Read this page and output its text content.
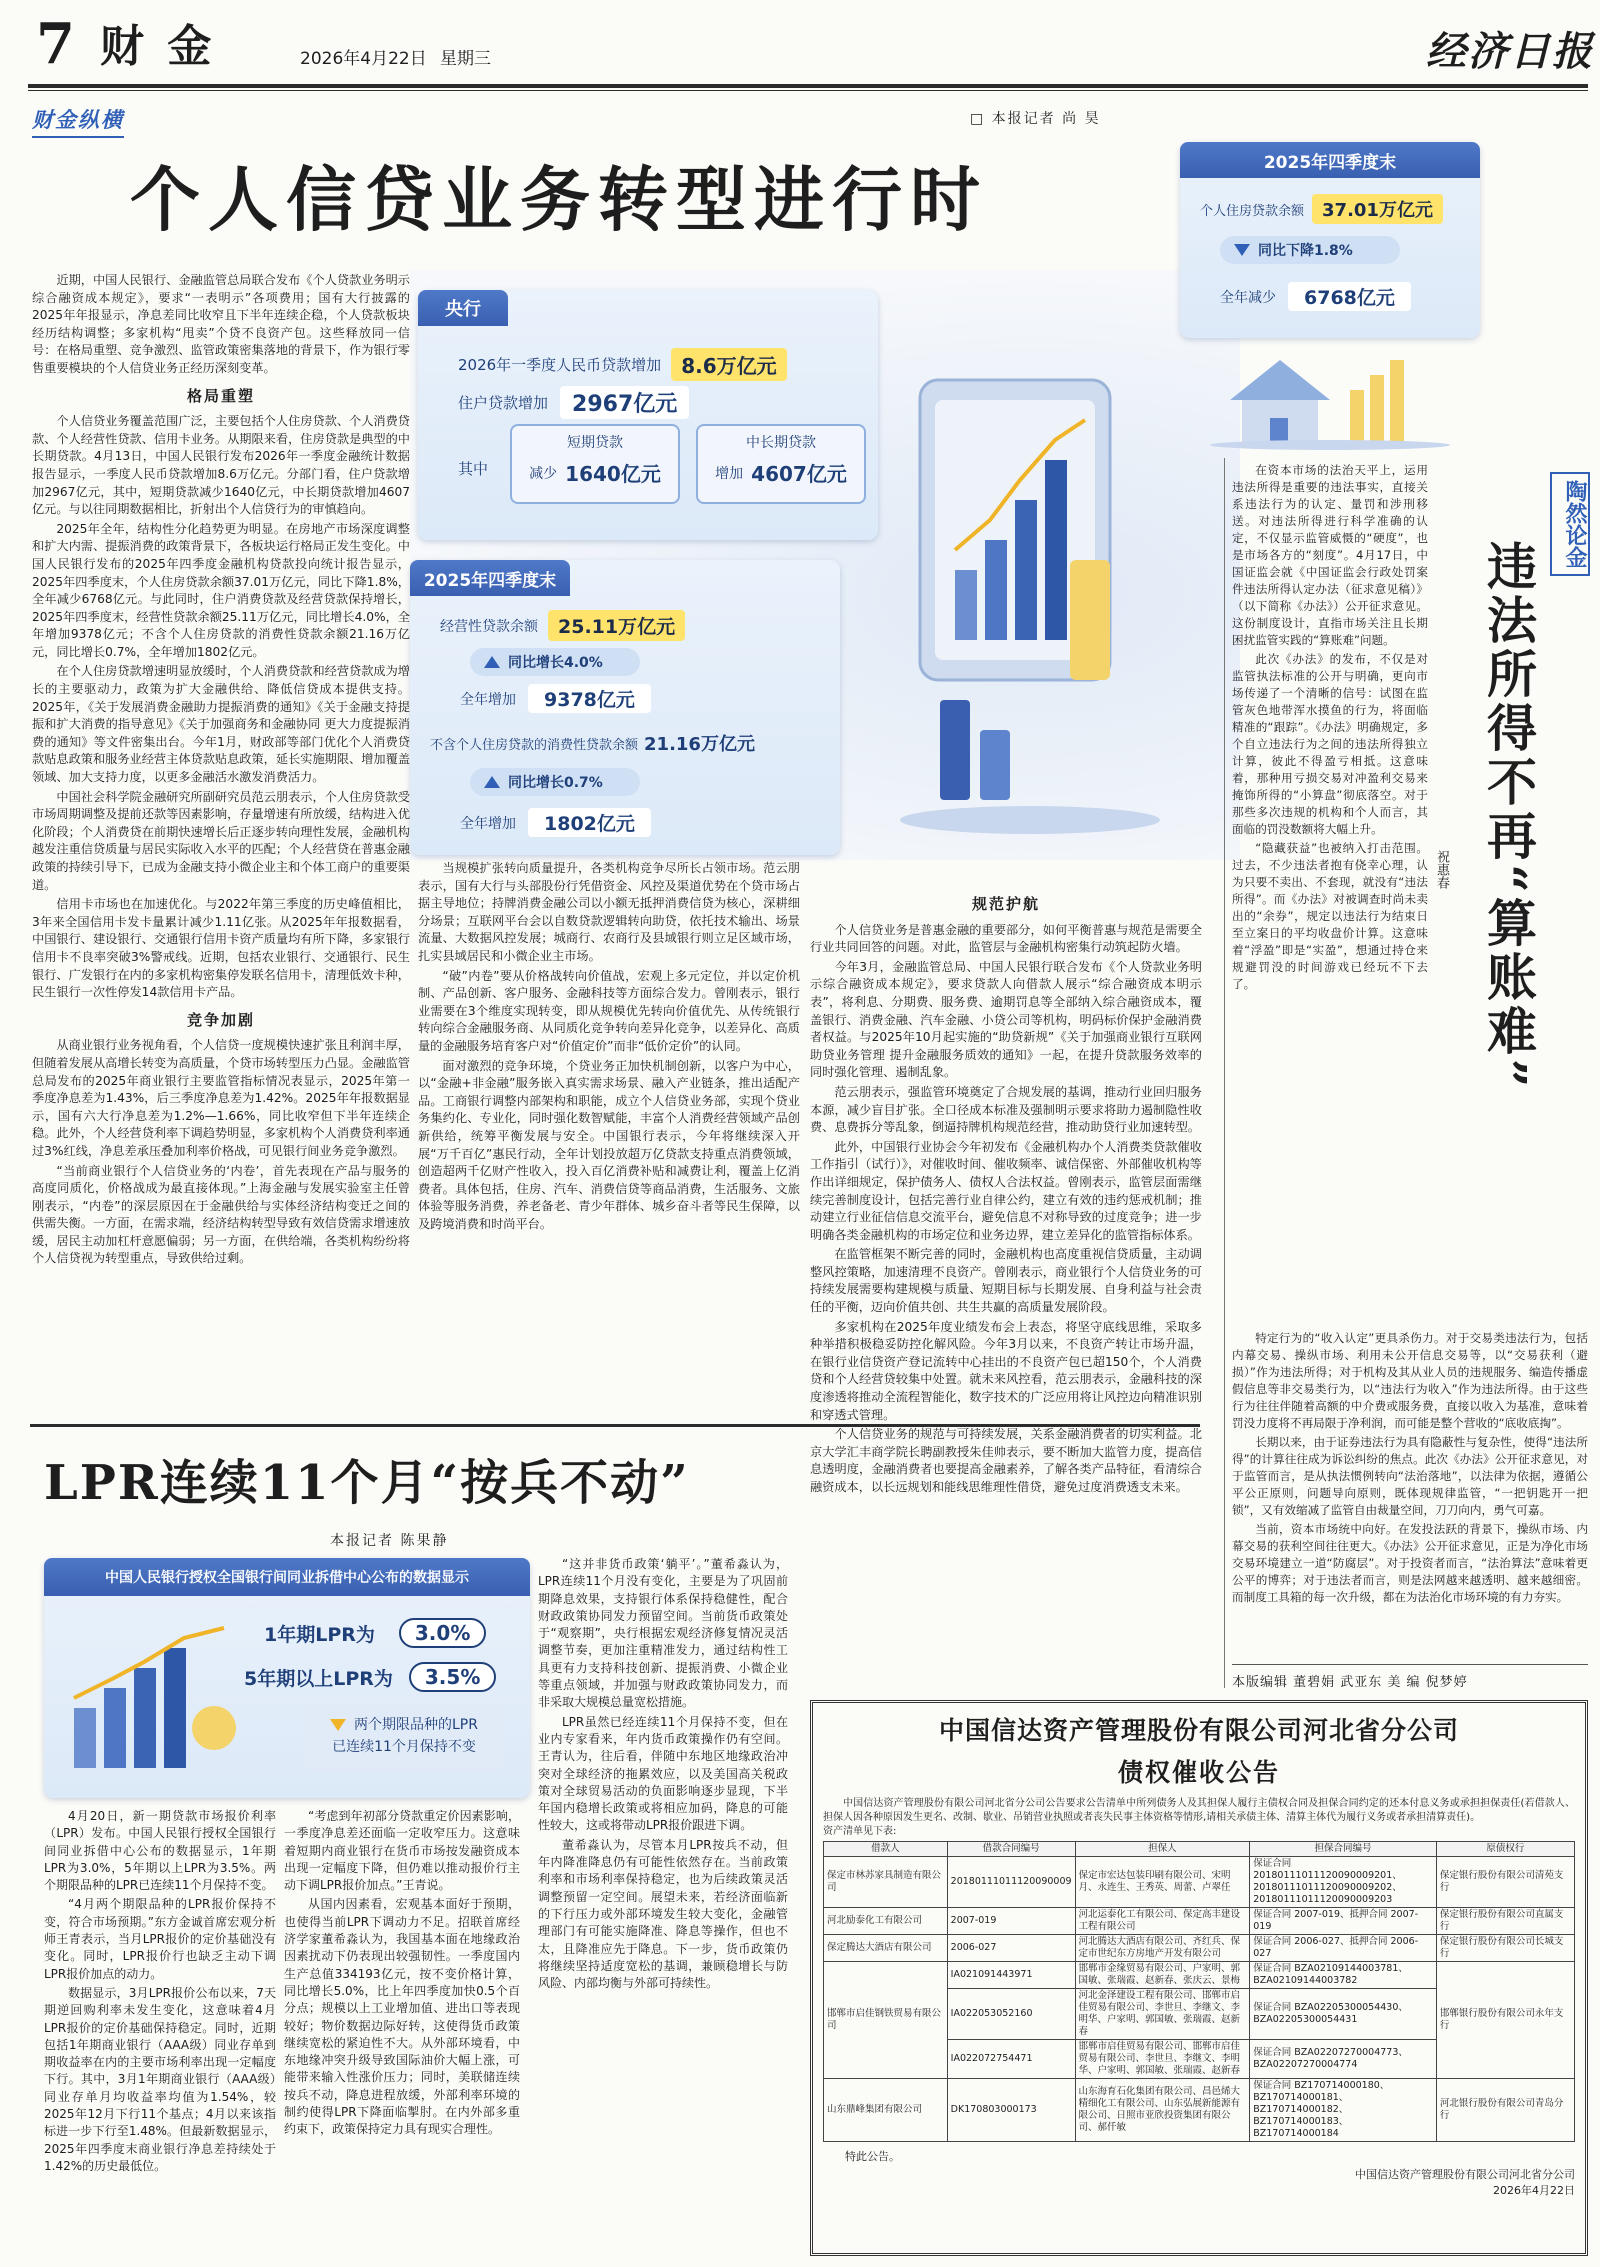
7 财 金	2026年4月22日 星期三	经济日报
财金纵横	□ 本报记者 尚 昊
个人信贷业务转型进行时

近期，中国人民银行、金融监管总局联合发布《个人贷款业务明示综合融资成本规定》，要求“一表明示”各项费用；国有大行披露的2025年年报显示，净息差同比收窄且下半年连续企稳，个人贷款板块经历结构调整；多家机构“甩卖”个贷不良资产包。这些释放同一信号：在格局重塑、竞争激烈、监管政策密集落地的背景下，作为银行零售重要模块的个人信贷业务正经历深刻变革。

格局重塑

个人信贷业务覆盖范围广泛，主要包括个人住房贷款、个人消费贷款、个人经营性贷款、信用卡业务。从期限来看，住房贷款是典型的中长期贷款。4月13日，中国人民银行发布2026年一季度金融统计数据报告显示，一季度人民币贷款增加8.6万亿元。分部门看，住户贷款增加2967亿元，其中，短期贷款减少1640亿元，中长期贷款增加4607亿元。与以往同期数据相比，折射出个人信贷行为的审慎趋向。

2025年全年，结构性分化趋势更为明显。在房地产市场深度调整和扩大内需、提振消费的政策背景下，各板块运行格局正发生变化。中国人民银行发布的2025年四季度金融机构贷款投向统计报告显示，2025年四季度末，个人住房贷款余额37.01万亿元，同比下降1.8%，全年减少6768亿元。与此同时，住户消费贷款及经营贷款保持增长，2025年四季度末，经营性贷款余额25.11万亿元，同比增长4.0%，全年增加9378亿元；不含个人住房贷款的消费性贷款余额21.16万亿元，同比增长0.7%，全年增加1802亿元。

在个人住房贷款增速明显放缓时，个人消费贷款和经营贷款成为增长的主要驱动力，政策为扩大金融供给、降低信贷成本提供支持。2025年，《关于发展消费金融助力提振消费的通知》《关于金融支持提振和扩大消费的指导意见》《关于加强商务和金融协同 更大力度提振消费的通知》等文件密集出台。今年1月，财政部等部门优化个人消费贷款贴息政策和服务业经营主体贷款贴息政策，延长实施期限、增加覆盖领域、加大支持力度，以更多金融活水激发消费活力。

中国社会科学院金融研究所副研究员范云朋表示，个人住房贷款受市场周期调整及提前还款等因素影响，存量增速有所放缓，结构进入优化阶段；个人消费贷在前期快速增长后正逐步转向理性发展，金融机构越发注重信贷质量与居民实际收入水平的匹配；个人经营贷在普惠金融政策的持续引导下，已成为金融支持小微企业主和个体工商户的重要渠道。

信用卡市场也在加速优化。与2022年第三季度的历史峰值相比，3年来全国信用卡发卡量累计减少1.11亿张。从2025年年报数据看，中国银行、建设银行、交通银行信用卡资产质量均有所下降，多家银行信用卡不良率突破3%警戒线。近期，包括农业银行、交通银行、民生银行、广发银行在内的多家机构密集停发联名信用卡，清理低效卡种，民生银行一次性停发14款信用卡产品。

竞争加剧

从商业银行业务视角看，个人信贷一度规模快速扩张且利润丰厚，但随着发展从高增长转变为高质量，个贷市场转型压力凸显。金融监管总局发布的2025年商业银行主要监管指标情况表显示，2025年第一季度净息差为1.43%，后三季度净息差为1.42%。2025年年报数据显示，国有六大行净息差为1.2%—1.66%，同比收窄但下半年连续企稳。此外，个人经营贷利率下调趋势明显，多家机构个人消费贷利率通过3%红线，净息差承压叠加利率价格战，可见银行间业务竞争激烈。

“当前商业银行个人信贷业务的‘内卷’，首先表现在产品与服务的高度同质化，价格战成为最直接体现。”上海金融与发展实验室主任曾刚表示，“内卷”的深层原因在于金融供给与实体经济结构变迁之间的供需失衡。一方面，在需求端，经济结构转型导致有效信贷需求增速放缓，居民主动加杠杆意愿偏弱；另一方面，在供给端，各类机构纷纷将个人信贷视为转型重点，导致供给过剩。

当规模扩张转向质量提升，各类机构竞争尽所长占领市场。范云朋表示，国有大行与头部股份行凭借资金、风控及渠道优势在个贷市场占据主导地位；持牌消费金融公司以小额无抵押消费信贷为核心，深耕细分场景；互联网平台会以自数贷款逻辑转向助贷，依托技术输出、场景流量、大数据风控发展；城商行、农商行及县域银行则立足区域市场，扎实县域居民和小微企业主市场。

“破”内卷”要从价格战转向价值战，宏观上多元定位，并以定价机制、产品创新、客户服务、金融科技等方面综合发力。曾刚表示，银行业需要在3个维度实现转变，即从规模优先转向价值优先、从传统银行转向综合金融服务商、从同质化竞争转向差异化竞争，以差异化、高质量的金融服务培育客户对“价值定价”而非“低价定价”的认同。

面对激烈的竞争环境，个贷业务正加快机制创新，以客户为中心，以“金融+非金融”服务嵌入真实需求场景、融入产业链条，推出适配产品。工商银行调整内部架构和职能，成立个人信贷业务部，实现个贷业务集约化、专业化，同时强化数智赋能，丰富个人消费经营领域产品创新供给，统筹平衡发展与安全。中国银行表示，今年将继续深入开展“万千百亿”惠民行动，全年计划投放超万亿贷款支持重点消费领域，创造超两千亿财产性收入，投入百亿消费补贴和减费让利，覆盖上亿消费者。具体包括，住房、汽车、消费信贷等商品消费，生活服务、文旅体验等服务消费，养老备老、青少年群体、城乡奋斗者等民生保障，以及跨境消费和时尚平台。

规范护航

个人信贷业务是普惠金融的重要部分，如何平衡普惠与规范是需要全行业共同回答的问题。对此，监管层与金融机构密集行动筑起防火墙。

今年3月，金融监管总局、中国人民银行联合发布《个人贷款业务明示综合融资成本规定》，要求贷款人向借款人展示“综合融资成本明示表”，将利息、分期费、服务费、逾期罚息等全部纳入综合融资成本，覆盖银行、消费金融、汽车金融、小贷公司等机构，明码标价保护金融消费者权益。与2025年10月起实施的“助贷新规”《关于加强商业银行互联网助贷业务管理 提升金融服务质效的通知》一起，在提升贷款服务效率的同时强化管理、遏制乱象。

范云朋表示，强监管环境奠定了合规发展的基调，推动行业回归服务本源，减少盲目扩张。全口径成本标准及强制明示要求将助力遏制隐性收费、息费拆分等乱象，倒逼持牌机构规范经营，推动助贷行业加速转型。

此外，中国银行业协会今年初发布《金融机构办个人消费类贷款催收工作指引（试行）》，对催收时间、催收频率、诚信保密、外部催收机构等作出详细规定，保护债务人、债权人合法权益。曾刚表示，监管层面需继续完善制度设计，包括完善行业自律公约，建立有效的违约惩戒机制；推动建立行业征信信息交流平台，避免信息不对称导致的过度竞争；进一步明确各类金融机构的市场定位和业务边界，建立差异化的监管指标体系。

在监管框架不断完善的同时，金融机构也高度重视信贷质量，主动调整风控策略，加速清理不良资产。曾刚表示，商业银行个人信贷业务的可持续发展需要构建规模与质量、短期目标与长期发展、自身利益与社会责任的平衡，迈向价值共创、共生共赢的高质量发展阶段。

多家机构在2025年度业绩发布会上表态，将坚守底线思维，采取多种举措积极稳妥防控化解风险。今年3月以来，不良资产转让市场升温，在银行业信贷资产登记流转中心挂出的不良资产包已超150个，个人消费贷和个人经营贷较集中处置。就未来风控看，范云朋表示，金融科技的深度渗透将推动全流程智能化，数字技术的广泛应用将让风控边向精准识别和穿透式管理。

个人信贷业务的规范与可持续发展，关系金融消费者的切实利益。北京大学汇丰商学院长聘副教授朱佳帅表示，要不断加大监管力度，提高信息透明度，金融消费者也要提高金融素养，了解各类产品特征，看清综合融资成本，以长远规划和能线思维理性借贷，避免过度消费透支未来。

央行
2026年一季度人民币贷款增加	8.6万亿元
住户贷款增加	2967亿元
其中
短期贷款
减少 1640亿元
中长期贷款
增加 4607亿元
2025年四季度末
经营性贷款余额	25.11万亿元
同比增长4.0%
全年增加	9378亿元
不含个人住房贷款的消费性贷款余额 21.16万亿元
同比增长0.7%
全年增加	1802亿元
2025年四季度末
个人住房贷款余额	37.01万亿元
同比下降1.8%
全年减少	6768亿元
陶然论金
违法所得不再“算账难”
祝惠春

在资本市场的法治天平上，运用违法所得是重要的违法事实，直接关系违法行为的认定、量罚和涉刑移送。对违法所得进行科学准确的认定，不仅显示监管威慑的“硬度”，也是市场各方的“刻度”。4月17日，中国证监会就《中国证监会行政处罚案件违法所得认定办法（征求意见稿）》（以下简称《办法》）公开征求意见。这份制度设计，直指市场关注且长期困扰监管实践的“算账难”问题。

此次《办法》的发布，不仅是对监管执法标准的公开与明确，更向市场传递了一个清晰的信号：试图在监管灰色地带浑水摸鱼的行为，将面临精准的“跟踪”。《办法》明确规定，多个自立违法行为之间的违法所得独立计算，彼此不得盈亏相抵。这意味着，那种用亏损交易对冲盈利交易来掩饰所得的“小算盘”彻底落空。对于那些多次违规的机构和个人而言，其面临的罚没数额将大幅上升。

“隐藏获益”也被纳入打击范围。过去，不少违法者抱有侥幸心理，认为只要不卖出、不套现，就没有“违法所得”。而《办法》对被调查时尚未卖出的“余券”，规定以违法行为结束日至立案日的平均收盘价计算。这意味着“浮盈”即是“实盈”，想通过持仓来规避罚没的时间游戏已经玩不下去了。

特定行为的“收入认定”更具杀伤力。对于交易类违法行为，包括内幕交易、操纵市场、利用未公开信息交易等，以“交易获利（避损）”作为违法所得；对于机构及其从业人员的违规服务、编造传播虚假信息等非交易类行为，以“违法行为收入”作为违法所得。由于这些行为往往伴随着高额的中介费或服务费，直接以收入为基准，意味着罚没力度将不再局限于净利润，而可能是整个营收的“底收底掏”。

长期以来，由于证券违法行为具有隐蔽性与复杂性，使得“违法所得”的计算往往成为诉讼纠纷的焦点。此次《办法》公开征求意见，对于监管而言，是从执法惯例转向“法治落地”，以法律为依据，遵循公平公正原则，问题导向原则，既体现规律监管，“一把钥匙开一把锁”，又有效缩减了监管自由裁量空间，刀刀向内，勇气可嘉。

当前，资本市场统中向好。在发投法跃的背景下，操纵市场、内幕交易的获利空间往往更大。《办法》公开征求意见，正是为净化市场交易环境建立一道“防腐层”。对于投资者而言，“法治算法”意味着更公平的博弈；对于违法者而言，则是法网越来越透明、越来越细密。而制度工具箱的每一次升级，都在为法治化市场环境的有力夯实。

本版编辑 董碧娟 武亚东 美 编 倪梦婷
LPR连续11个月“按兵不动”
本报记者 陈果静
中国人民银行授权全国银行间同业拆借中心公布的数据显示
1年期LPR为	3.0%
5年期以上LPR为	3.5%
两个期限品种的LPR
已连续11个月保持不变

4月20日，新一期贷款市场报价利率（LPR）发布。中国人民银行授权全国银行间同业拆借中心公布的数据显示，1年期LPR为3.0%，5年期以上LPR为3.5%。两个期限品种的LPR已连续11个月保持不变。

“4月两个期限品种的LPR报价保持不变，符合市场预期。”东方金诚首席宏观分析师王青表示，当月LPR报价的定价基础没有变化。同时，LPR报价行也缺乏主动下调LPR报价加点的动力。

数据显示，3月LPR报价公布以来，7天期逆回购利率未发生变化，这意味着4月LPR报价的定价基础保持稳定。同时，近期包括1年期商业银行（AAA级）同业存单到期收益率在内的主要市场利率出现一定幅度下行。其中，3月1年期商业银行（AAA级）同业存单月均收益率均值为1.54%，较2025年12月下行11个基点；4月以来该指标进一步下行至1.48%。但最新数据显示，2025年四季度末商业银行净息差持续处于1.42%的历史最低位。

“考虑到年初部分贷款重定价因素影响，一季度净息差还面临一定收窄压力。这意味着短期内商业银行在货币市场按发融资成本出现一定幅度下降，但仍难以推动报价行主动下调LPR报价加点。”王青说。

从国内因素看，宏观基本面好于预期，也使得当前LPR下调动力不足。招联首席经济学家董希淼认为，我国基本面在地缘政治因素扰动下仍表现出较强韧性。一季度国内生产总值334193亿元，按不变价格计算，同比增长5.0%，比上年四季度加快0.5个百分点；规模以上工业增加值、进出口等表现较好；物价数据边际好转，这使得货币政策继续宽松的紧迫性不大。从外部环境看，中东地缘冲突升级导致国际油价大幅上涨，可能带来输入性涨价压力；同时，美联储连续按兵不动，降息进程放缓，外部利率环境的制约使得LPR下降面临掣肘。在内外部多重约束下，政策保持定力具有现实合理性。

“这并非货币政策‘躺平’。”董希淼认为，LPR连续11个月没有变化，主要是为了巩固前期降息效果，支持银行体系保持稳健性，配合财政政策协同发力预留空间。当前货币政策处于“观察期”，央行根据宏观经济修复情况灵活调整节奏，更加注重精准发力，通过结构性工具更有力支持科技创新、提振消费、小微企业等重点领域，并加强与财政政策协同发力，而非采取大规模总量宽松措施。

LPR虽然已经连续11个月保持不变，但在业内专家看来，年内货币政策操作仍有空间。王青认为，往后看，伴随中东地区地缘政治冲突对全球经济的拖累效应，以及美国高关税政策对全球贸易活动的负面影响逐步显现，下半年国内稳增长政策或将相应加码，降息的可能性较大，这或将带动LPR报价跟进下调。

董希淼认为，尽管本月LPR按兵不动，但年内降准降息仍有可能性依然存在。当前政策利率和市场利率保持稳定，也为后续政策灵活调整预留一定空间。展望未来，若经济面临新的下行压力或外部环境发生较大变化，金融管理部门有可能实施降准、降息等操作，但也不太，且降准应先于降息。下一步，货币政策仍将继续坚持适度宽松的基调，兼顾稳增长与防风险、内部均衡与外部可持续性。

中国信达资产管理股份有限公司河北省分公司
债权催收公告
中国信达资产管理股份有限公司河北省分公司公告要求公告清单中所列债务人及其担保人履行主债权合同及担保合同约定的还本付息义务或承担担保责任(若借款人、担保人因各种原因发生更名、改制、歇业、吊销营业执照或者丧失民事主体资格等情形,请相关承债主体、清算主体代为履行义务或者承担清算责任)。
资产清单见下表:
借款人	借款合同编号	担保人	担保合同编号	原债权行
保定市林苏家具制造有限公司	20180111011120090009	保定市宏达包装印刷有限公司、宋明月、永连生、王秀英、周蕾、卢翠任	保证合同 20180111011120090009201、20180111011120090009202、20180111011120090009203	保定银行股份有限公司清苑支行
河北励泰化工有限公司	2007-019	河北运泰化工有限公司、保定高丰建设工程有限公司	保证合同 2007-019、抵押合同 2007-019	保定银行股份有限公司直属支行
保定腾达大酒店有限公司	2006-027	河北腾达大酒店有限公司、齐红兵、保定市世纪东方房地产开发有限公司	保证合同 2006-027、抵押合同 2006-027	保定银行股份有限公司长城支行
邯郸市启佳钢铁贸易有限公司	IA021091443971	邯郸市金缘贸易有限公司、户家明、郭国敏、张瑞霞、赵新春、张庆云、景梅	保证合同 BZA02109144003781、BZA02109144003782	邯郸银行股份有限公司永年支行
	IA022053052160	河北金泽建设工程有限公司、邯郸市启佳贸易有限公司、李世旦、李继文、李明华、户家明、郭国敏、张瑞霞、赵新春	保证合同 BZA02205300054430、BZA02205300054431	
	IA022072754471	邯郸市启佳贸易有限公司、邯郸市启佳贸易有限公司、李世旦、李继文、李明华、户家明、郭国敏、张瑞霞、赵新春	保证合同 BZA02207270004773、BZA02207270004774	
山东鼎峰集团有限公司	DK170803000173	山东海育石化集团有限公司、昌邑烯大精细化工有限公司、山东弘展新能源有限公司、日照市亚欣投资集团有限公司、郝仟敏	保证合同 BZ170714000180、BZ170714000181、BZ170714000182、BZ170714000183、BZ170714000184	河北银行股份有限公司青岛分行
特此公告。
中国信达资产管理股份有限公司河北省分公司
2026年4月22日
